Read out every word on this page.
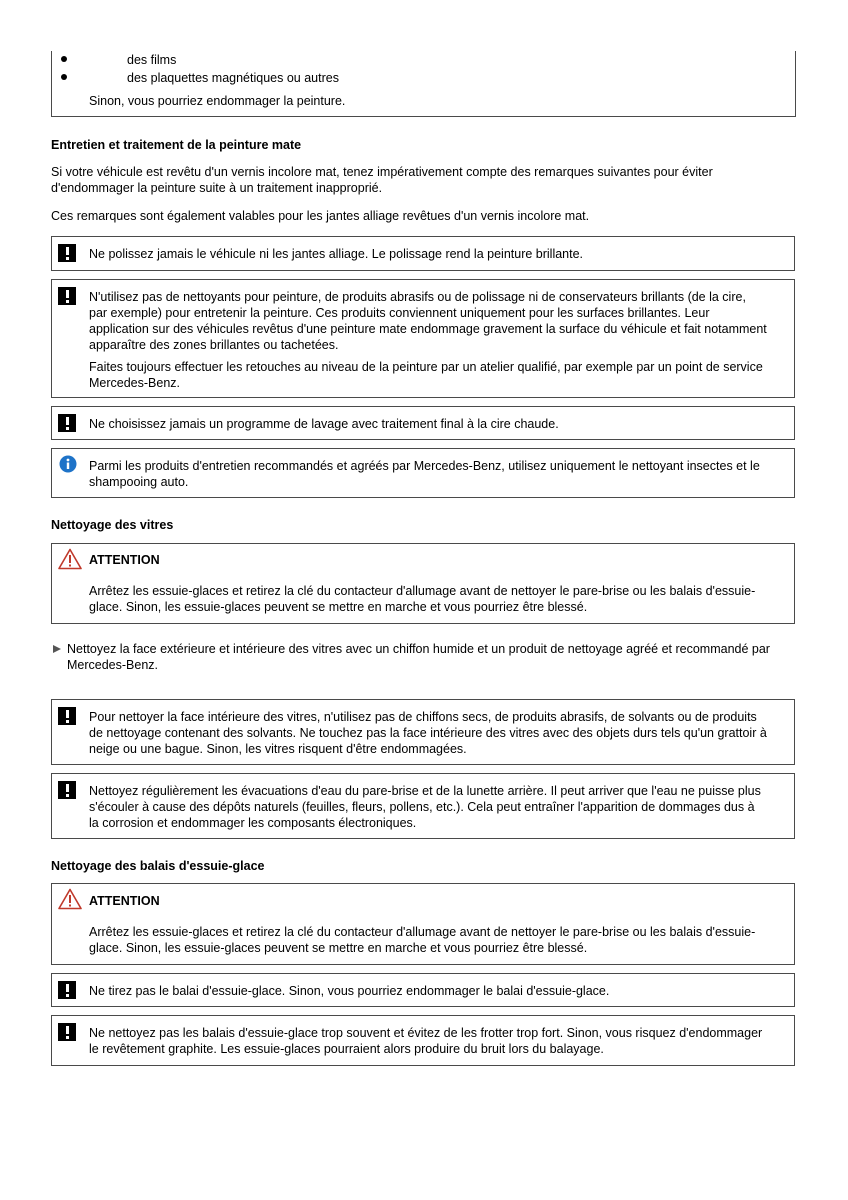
des films
des plaquettes magnétiques ou autres
Sinon, vous pourriez endommager la peinture.
Entretien et traitement de la peinture mate
Si votre véhicule est revêtu d'un vernis incolore mat, tenez impérativement compte des remarques suivantes pour éviter
d'endommager la peinture suite à un traitement inapproprié.
Ces remarques sont également valables pour les jantes alliage revêtues d'un vernis incolore mat.
Ne polissez jamais le véhicule ni les jantes alliage. Le polissage rend la peinture brillante.
N'utilisez pas de nettoyants pour peinture, de produits abrasifs ou de polissage ni de conservateurs brillants (de la cire,
par exemple) pour entretenir la peinture. Ces produits conviennent uniquement pour les surfaces brillantes. Leur
application sur des véhicules revêtus d'une peinture mate endommage gravement la surface du véhicule et fait notamment
apparaître des zones brillantes ou tachetées.
Faites toujours effectuer les retouches au niveau de la peinture par un atelier qualifié, par exemple par un point de service
Mercedes-Benz.
Ne choisissez jamais un programme de lavage avec traitement final à la cire chaude.
Parmi les produits d'entretien recommandés et agréés par Mercedes-Benz, utilisez uniquement le nettoyant insectes et le
shampooing auto.
Nettoyage des vitres
ATTENTION
Arrêtez les essuie-glaces et retirez la clé du contacteur d'allumage avant de nettoyer le pare-brise ou les balais d'essuie-
glace. Sinon, les essuie-glaces peuvent se mettre en marche et vous pourriez être blessé.
Nettoyez la face extérieure et intérieure des vitres avec un chiffon humide et un produit de nettoyage agréé et recommandé par
Mercedes-Benz.
Pour nettoyer la face intérieure des vitres, n'utilisez pas de chiffons secs, de produits abrasifs, de solvants ou de produits
de nettoyage contenant des solvants. Ne touchez pas la face intérieure des vitres avec des objets durs tels qu'un grattoir à
neige ou une bague. Sinon, les vitres risquent d'être endommagées.
Nettoyez régulièrement les évacuations d'eau du pare-brise et de la lunette arrière. Il peut arriver que l'eau ne puisse plus
s'écouler à cause des dépôts naturels (feuilles, fleurs, pollens, etc.). Cela peut entraîner l'apparition de dommages dus à
la corrosion et endommager les composants électroniques.
Nettoyage des balais d'essuie-glace
ATTENTION
Arrêtez les essuie-glaces et retirez la clé du contacteur d'allumage avant de nettoyer le pare-brise ou les balais d'essuie-
glace. Sinon, les essuie-glaces peuvent se mettre en marche et vous pourriez être blessé.
Ne tirez pas le balai d'essuie-glace. Sinon, vous pourriez endommager le balai d'essuie-glace.
Ne nettoyez pas les balais d'essuie-glace trop souvent et évitez de les frotter trop fort. Sinon, vous risquez d'endommager
le revêtement graphite. Les essuie-glaces pourraient alors produire du bruit lors du balayage.
